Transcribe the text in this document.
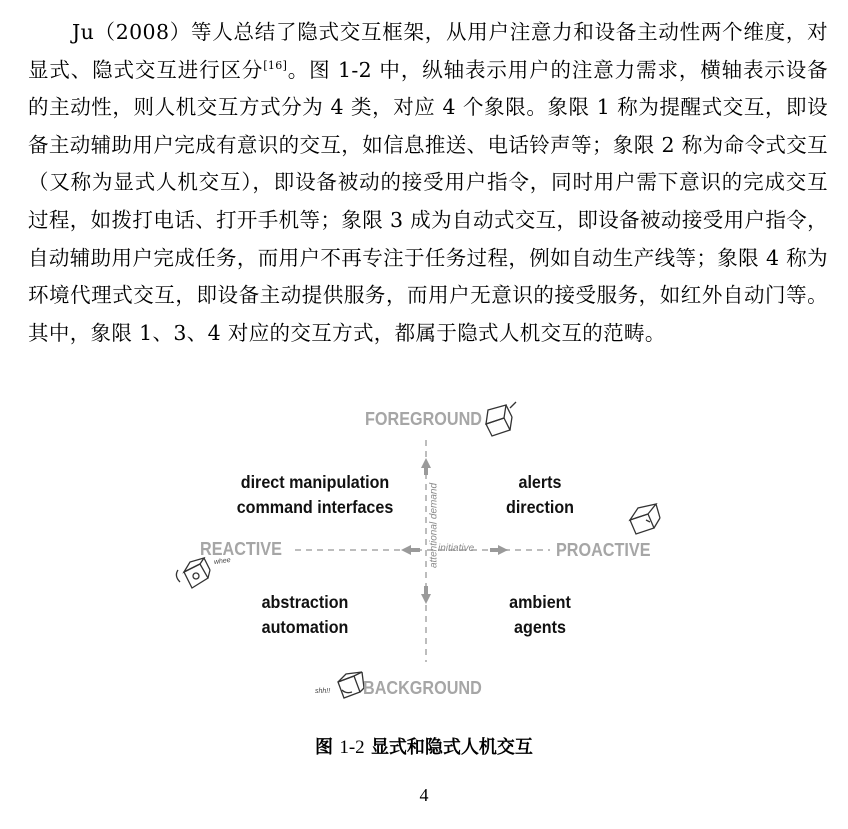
Ju（2008）等人总结了隐式交互框架，从用户注意力和设备主动性两个维度，对显式、隐式交互进行区分[16]。图 1-2 中，纵轴表示用户的注意力需求，横轴表示设备的主动性，则人机交互方式分为 4 类，对应 4 个象限。象限 1 称为提醒式交互，即设备主动辅助用户完成有意识的交互，如信息推送、电话铃声等；象限 2 称为命令式交互（又称为显式人机交互），即设备被动的接受用户指令，同时用户需下意识的完成交互过程，如拨打电话、打开手机等；象限 3 成为自动式交互，即设备被动接受用户指令，自动辅助用户完成任务，而用户不再专注于任务过程，例如自动生产线等；象限 4 称为环境代理式交互，即设备主动提供服务，而用户无意识的接受服务，如红外自动门等。其中，象限 1、3、4 对应的交互方式，都属于隐式人机交互的范畴。

FOREGROUND
BACKGROUND
REACTIVE	PROACTIVE
initiative
attentional demand
whee
shh!!
direct manipulation
command interfaces
alerts
direction
abstraction
automation
ambient
agents
图 1-2 显式和隐式人机交互
4
